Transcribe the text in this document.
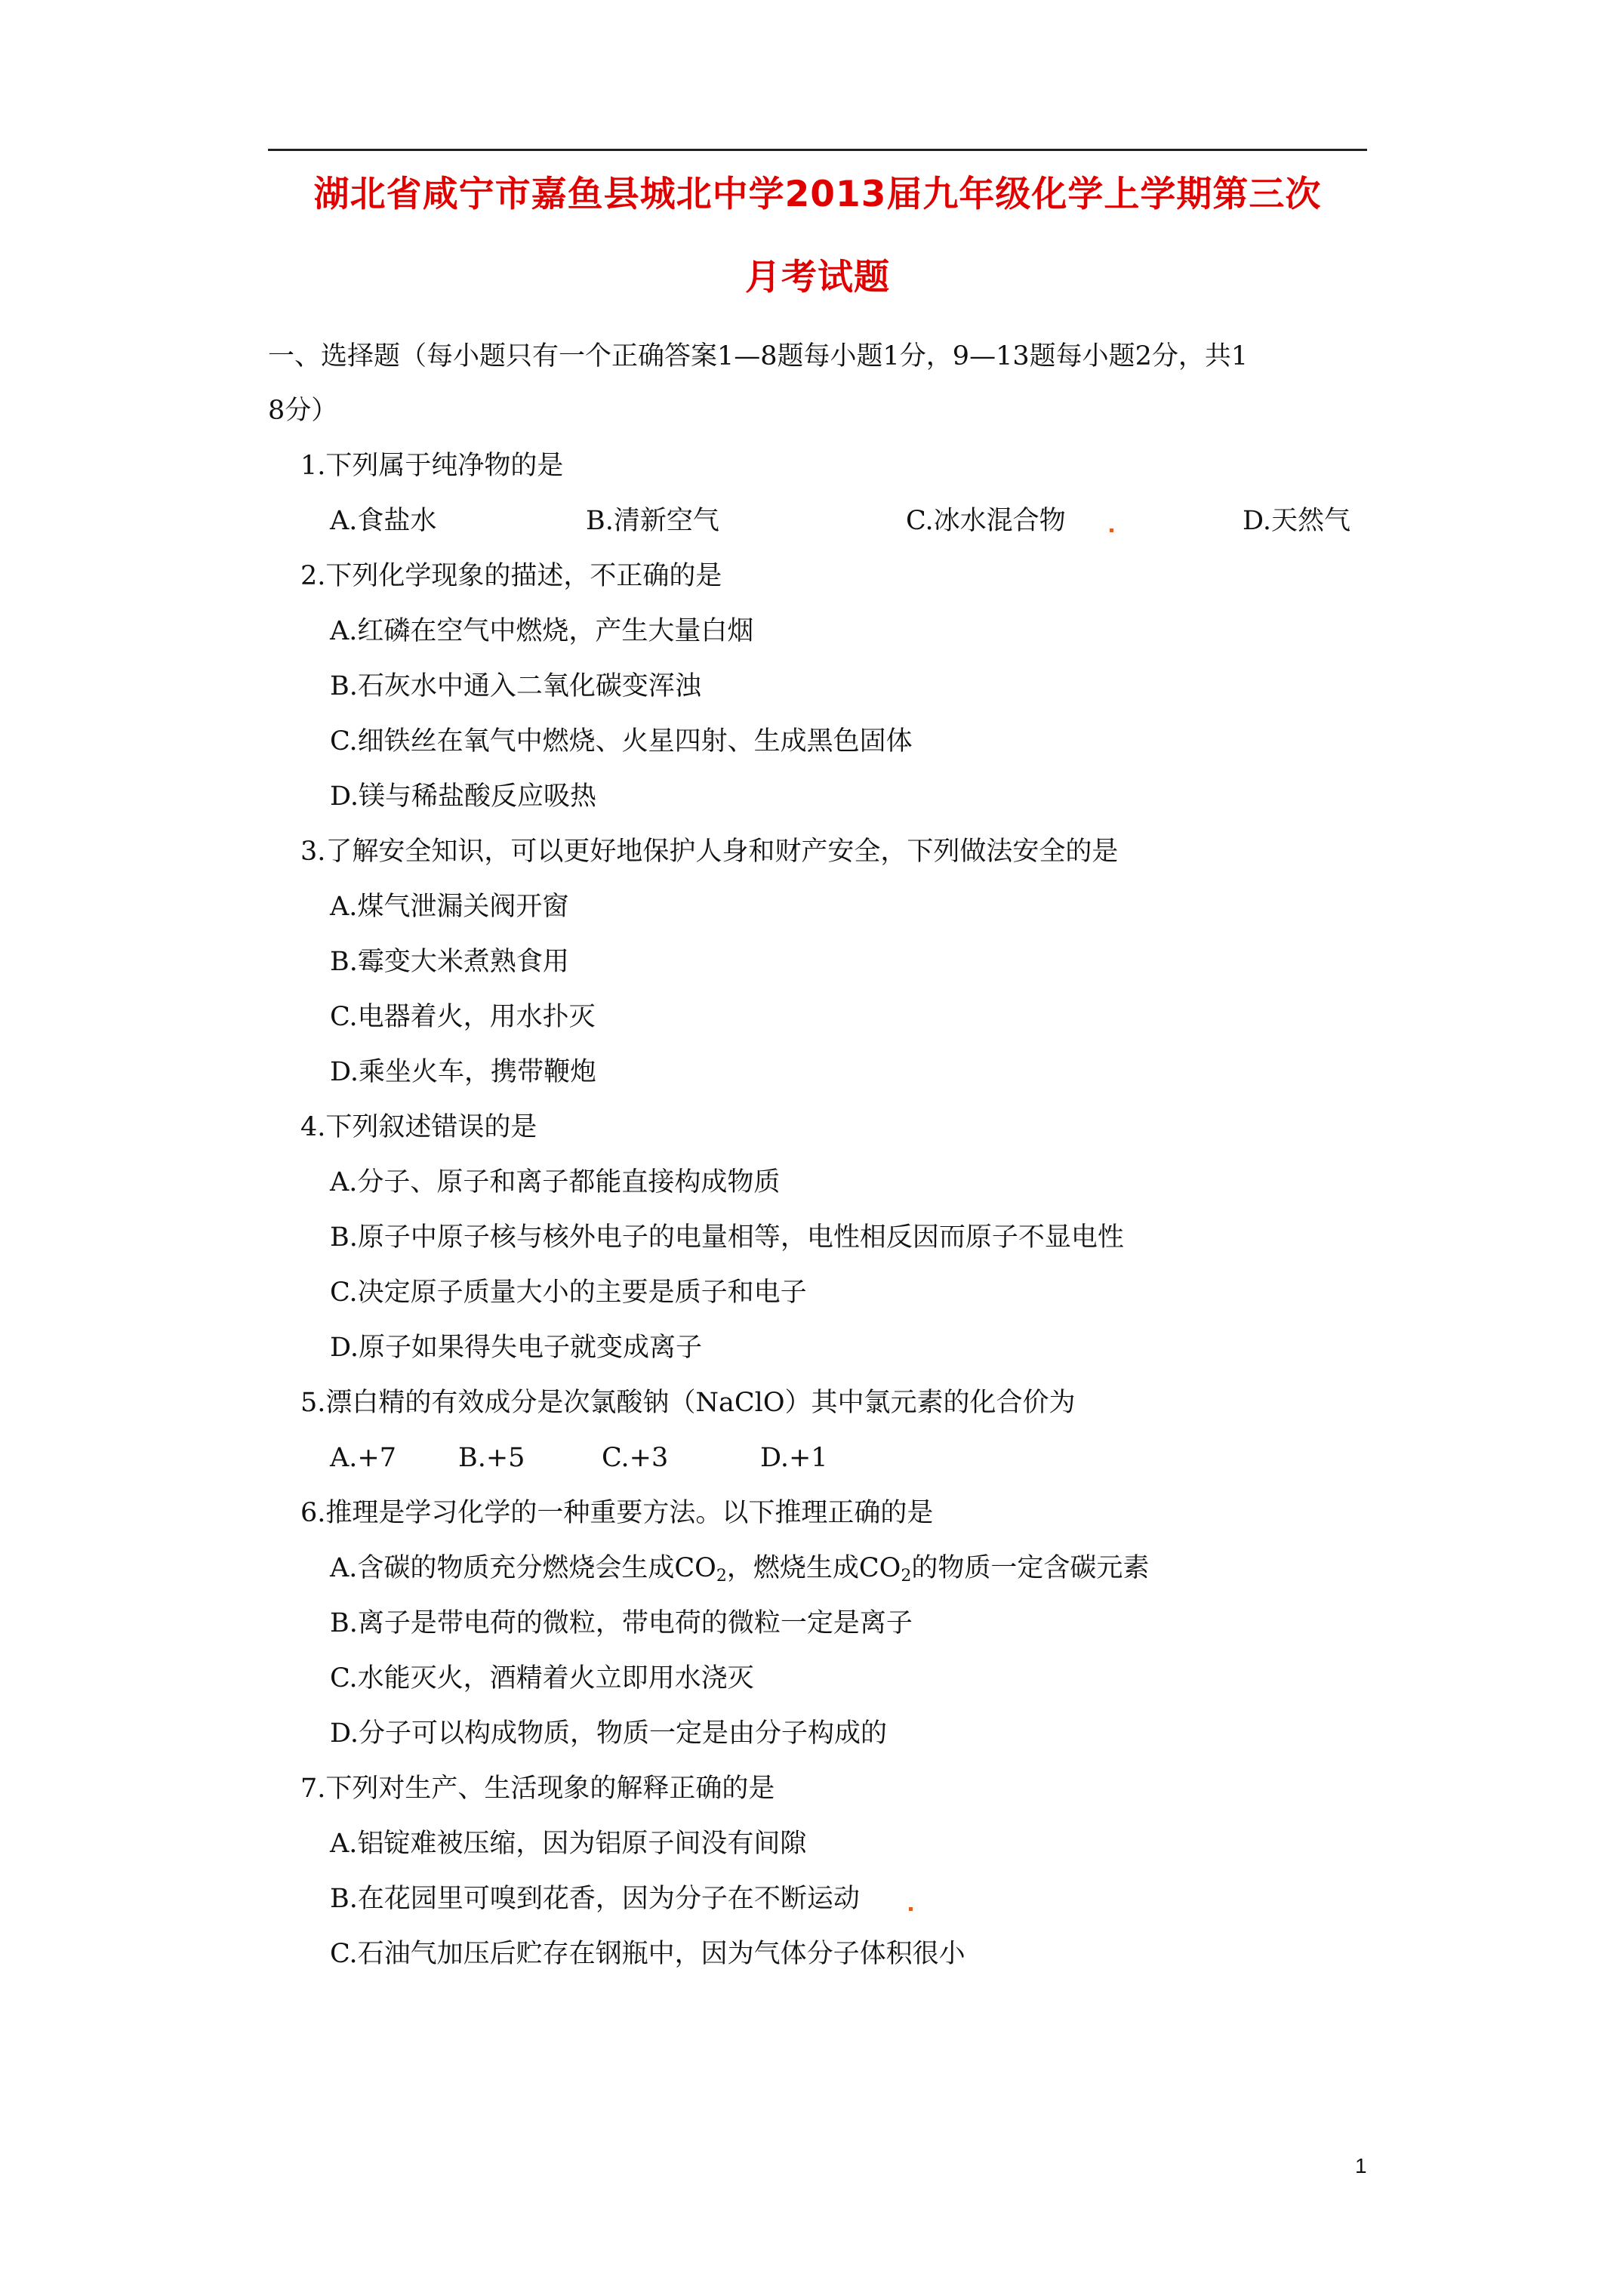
湖北省咸宁市嘉鱼县城北中学2013届九年级化学上学期第三次
月考试题
一、选择题（每小题只有一个正确答案1—8题每小题1分，9—13题每小题2分，共1
8分）
1.下列属于纯净物的是
A.食盐水	B.清新空气	C.冰水混合物	D.天然气
2.下列化学现象的描述，不正确的是
A.红磷在空气中燃烧，产生大量白烟
B.石灰水中通入二氧化碳变浑浊
C.细铁丝在氧气中燃烧、火星四射、生成黑色固体
D.镁与稀盐酸反应吸热
3.了解安全知识，可以更好地保护人身和财产安全，下列做法安全的是
A.煤气泄漏关阀开窗
B.霉变大米煮熟食用
C.电器着火，用水扑灭
D.乘坐火车，携带鞭炮
4.下列叙述错误的是
A.分子、原子和离子都能直接构成物质
B.原子中原子核与核外电子的电量相等，电性相反因而原子不显电性
C.决定原子质量大小的主要是质子和电子
D.原子如果得失电子就变成离子
5.漂白精的有效成分是次氯酸钠（NaClO）其中氯元素的化合价为
A.+7 B.+5	C.+3	D.+1
6.推理是学习化学的一种重要方法。以下推理正确的是
A.含碳的物质充分燃烧会生成$CO_2$，燃烧生成$CO_2$的物质一定含碳元素
B.离子是带电荷的微粒，带电荷的微粒一定是离子
C.水能灭火，酒精着火立即用水浇灭
D.分子可以构成物质，物质一定是由分子构成的
7.下列对生产、生活现象的解释正确的是
A.铝锭难被压缩，因为铝原子间没有间隙
B.在花园里可嗅到花香，因为分子在不断运动
C.石油气加压后贮存在钢瓶中，因为气体分子体积很小
1
